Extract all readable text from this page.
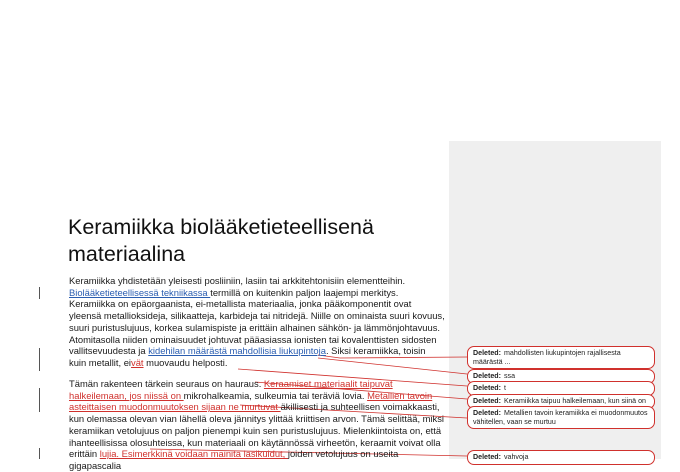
Keramiikka biolääketieteellisenä materiaalina

Keramiikka yhdistetään yleisesti posliiniin, lasiin tai arkkitehtonisiin elementteihin. Biolääketieteellisessä tekniikassa termillä on kuitenkin paljon laajempi merkitys. Keramiikka on epäorgaanista, ei-metallista materiaalia, jonka pääkomponentit ovat yleensä metallioksideja, silikaatteja, karbideja tai nitridejä. Niille on ominaista suuri kovuus, suuri puristuslujuus, korkea sulamispiste ja erittäin alhainen sähkön- ja lämmönjohtavuus. Atomitasolla niiden ominaisuudet johtuvat pääasiassa ionisten tai kovalenttisten sidosten vallitsevuudesta ja kidehilan määrästä mahdollisia liukupintoja. Siksi keramiikka, toisin kuin metallit, eivät muovaudu helposti.

Tämän rakenteen tärkein seuraus on hauraus. Keraamiset materiaalit taipuvat halkeilemaan, jos niissä on mikrohalkeamia, sulkeumia tai teräviä lovia. Metallien tavoin asteittaisen muodonmuutoksen sijaan ne murtuvat äkillisesti ja suhteellisen voimakkaasti, kun olemassa olevan vian lähellä oleva jännitys ylittää kriittisen arvon. Tämä selittää, miksi keramiikan vetolujuus on paljon pienempi kuin sen puristuslujuus. Mielenkiintoista on, että ihanteellisissa olosuhteissa, kun materiaali on käytännössä virheetön, keraamit voivat olla erittäin lujia. Esimerkkinä voidaan mainita lasikuidut, joiden vetolujuus on useita gigapascalia

Deleted: mahdollisten liukupintojen rajallisesta määrästä ...
Deleted: ssa
Deleted: t
Deleted: Keramiikka taipuu halkeilemaan, kun siinä on
Deleted: Metallien tavoin keramiikka ei muodonmuutos vähitellen, vaan se murtuu
Deleted: vahvoja
